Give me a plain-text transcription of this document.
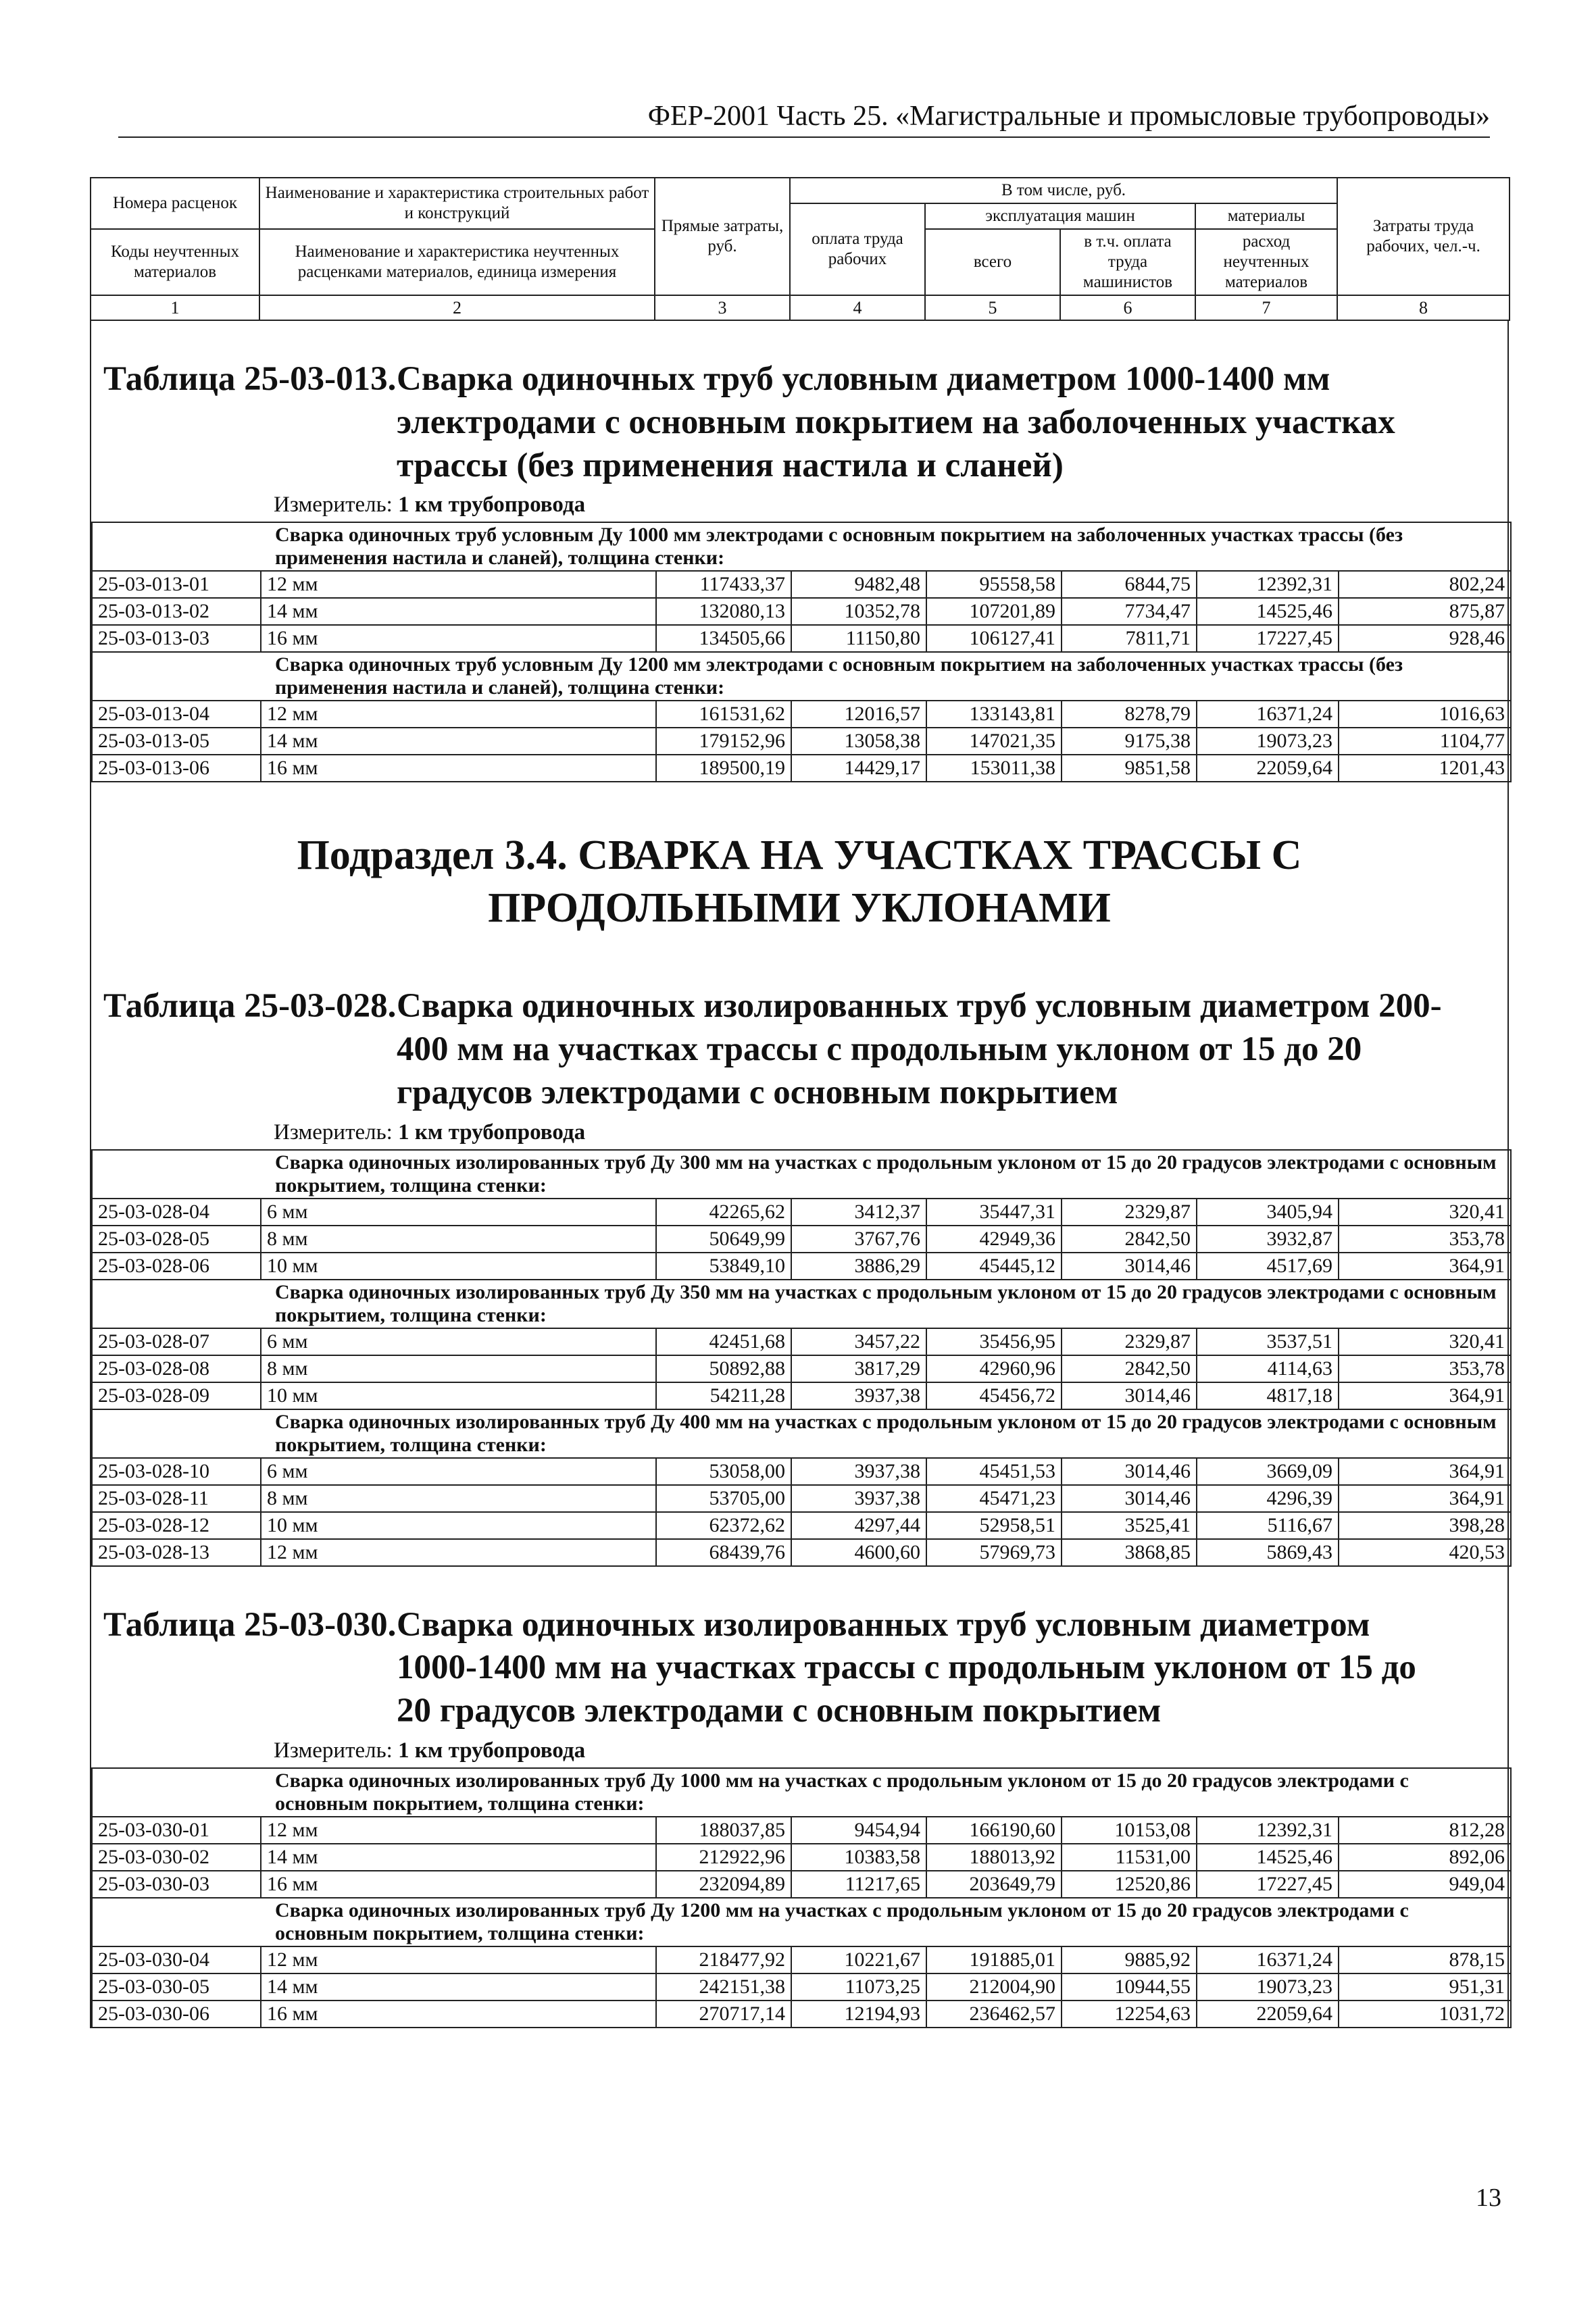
ФЕР-2001 Часть 25. «Магистральные и промысловые трубопроводы»
Номера расценок	Наименование и характеристика строительных работ и конструкций	Прямые затраты, руб.	В том числе, руб.				Затраты труда рабочих, чел.-ч.
			оплата труда рабочих	эксплуатация машин		материалы	
Коды неучтенных материалов	Наименование и характеристика неучтенных расценками материалов, единица измерения			всего	в т.ч. оплата труда машинистов	расход неучтенных материалов	

1	2	3	4	5	6	7	8
Таблица 25-03-013.Сварка одиночных труб условным диаметром 1000-1400 мм электродами с основным покрытием на заболоченных участках трассы (без применения настила и сланей)
Измеритель: 1 км трубопровода
Сварка одиночных труб условным Ду 1000 мм электродами с основным покрытием на заболоченных участках трассы (без применения настила и сланей), толщина стенки:							
25-03-013-01	12 мм	117433,37	9482,48	95558,58	6844,75	12392,31	802,24
25-03-013-02	14 мм	132080,13	10352,78	107201,89	7734,47	14525,46	875,87
25-03-013-03	16 мм	134505,66	11150,80	106127,41	7811,71	17227,45	928,46
Сварка одиночных труб условным Ду 1200 мм электродами с основным покрытием на заболоченных участках трассы (без применения настила и сланей), толщина стенки:							
25-03-013-04	12 мм	161531,62	12016,57	133143,81	8278,79	16371,24	1016,63
25-03-013-05	14 мм	179152,96	13058,38	147021,35	9175,38	19073,23	1104,77
25-03-013-06	16 мм	189500,19	14429,17	153011,38	9851,58	22059,64	1201,43
Подраздел 3.4. СВАРКА НА УЧАСТКАХ ТРАССЫ С ПРОДОЛЬНЫМИ УКЛОНАМИ
Таблица 25-03-028.Сварка одиночных изолированных труб условным диаметром 200-400 мм на участках трассы с продольным уклоном от 15 до 20 градусов электродами с основным покрытием
Измеритель: 1 км трубопровода
Сварка одиночных изолированных труб Ду 300 мм на участках с продольным уклоном от 15 до 20 градусов электродами с основным покрытием, толщина стенки:							
25-03-028-04	6 мм	42265,62	3412,37	35447,31	2329,87	3405,94	320,41
25-03-028-05	8 мм	50649,99	3767,76	42949,36	2842,50	3932,87	353,78
25-03-028-06	10 мм	53849,10	3886,29	45445,12	3014,46	4517,69	364,91
Сварка одиночных изолированных труб Ду 350 мм на участках с продольным уклоном от 15 до 20 градусов электродами с основным покрытием, толщина стенки:							
25-03-028-07	6 мм	42451,68	3457,22	35456,95	2329,87	3537,51	320,41
25-03-028-08	8 мм	50892,88	3817,29	42960,96	2842,50	4114,63	353,78
25-03-028-09	10 мм	54211,28	3937,38	45456,72	3014,46	4817,18	364,91
Сварка одиночных изолированных труб Ду 400 мм на участках с продольным уклоном от 15 до 20 градусов электродами с основным покрытием, толщина стенки:							
25-03-028-10	6 мм	53058,00	3937,38	45451,53	3014,46	3669,09	364,91
25-03-028-11	8 мм	53705,00	3937,38	45471,23	3014,46	4296,39	364,91
25-03-028-12	10 мм	62372,62	4297,44	52958,51	3525,41	5116,67	398,28
25-03-028-13	12 мм	68439,76	4600,60	57969,73	3868,85	5869,43	420,53
Таблица 25-03-030.Сварка одиночных изолированных труб условным диаметром 1000-1400 мм на участках трассы с продольным уклоном от 15 до 20 градусов электродами с основным покрытием
Измеритель: 1 км трубопровода
Сварка одиночных изолированных труб Ду 1000 мм на участках с продольным уклоном от 15 до 20 градусов электродами с основным покрытием, толщина стенки:							
25-03-030-01	12 мм	188037,85	9454,94	166190,60	10153,08	12392,31	812,28
25-03-030-02	14 мм	212922,96	10383,58	188013,92	11531,00	14525,46	892,06
25-03-030-03	16 мм	232094,89	11217,65	203649,79	12520,86	17227,45	949,04
Сварка одиночных изолированных труб Ду 1200 мм на участках с продольным уклоном от 15 до 20 градусов электродами с основным покрытием, толщина стенки:							
25-03-030-04	12 мм	218477,92	10221,67	191885,01	9885,92	16371,24	878,15
25-03-030-05	14 мм	242151,38	11073,25	212004,90	10944,55	19073,23	951,31
25-03-030-06	16 мм	270717,14	12194,93	236462,57	12254,63	22059,64	1031,72
13
